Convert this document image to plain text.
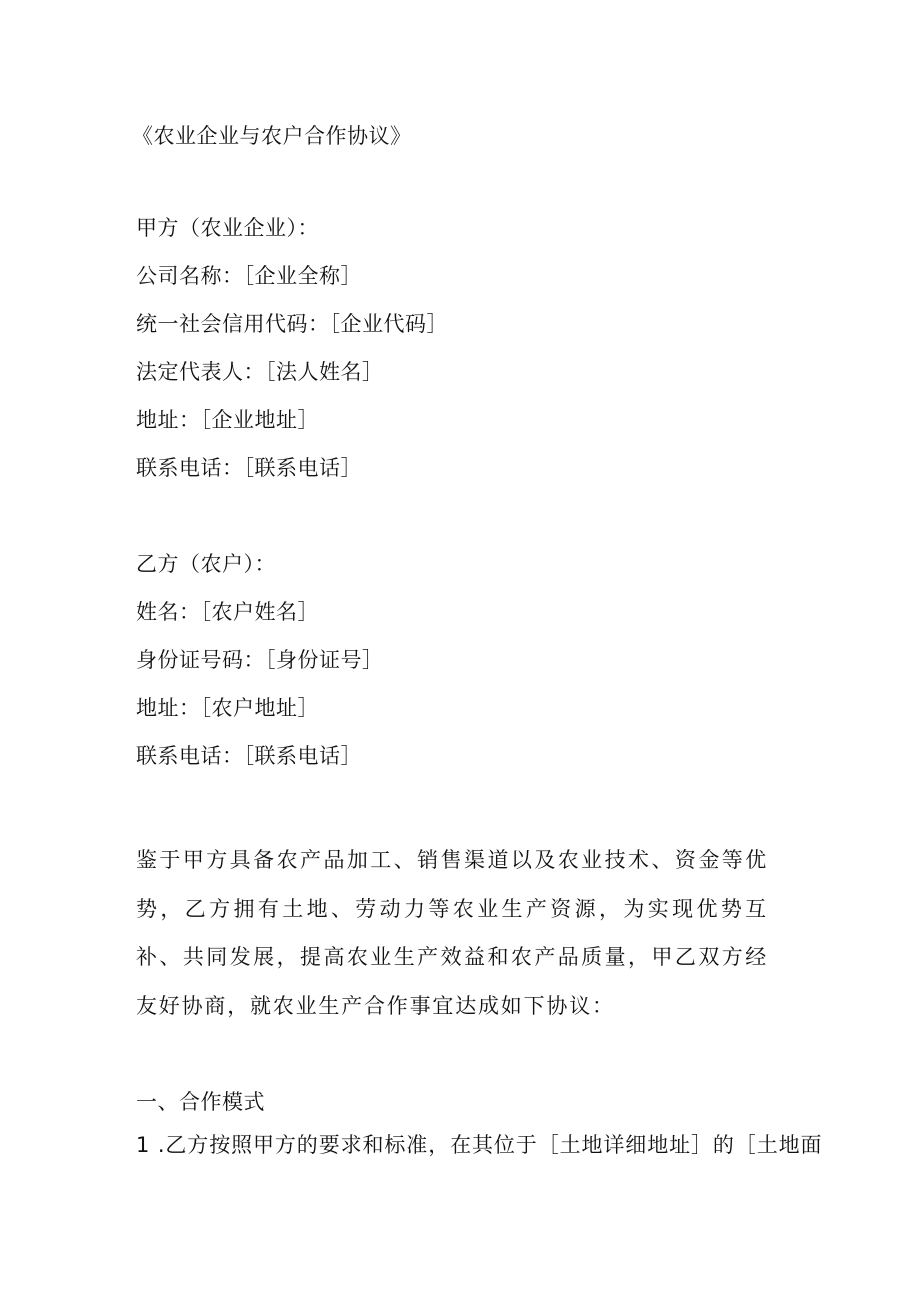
《农业企业与农户合作协议》

甲方（农业企业）：

公司名称：［企业全称］

统一社会信用代码：［企业代码］

法定代表人：［法人姓名］

地址：［企业地址］

联系电话：［联系电话］

乙方（农户）：

姓名：［农户姓名］

身份证号码：［身份证号］

地址：［农户地址］

联系电话：［联系电话］

鉴于甲方具备农产品加工、销售渠道以及农业技术、资金等优势，乙方拥有土地、劳动力等农业生产资源，为实现优势互补、共同发展，提高农业生产效益和农产品质量，甲乙双方经友好协商，就农业生产合作事宜达成如下协议：

一、合作模式

1 .乙方按照甲方的要求和标准，在其位于［土地详细地址］的［土地面
